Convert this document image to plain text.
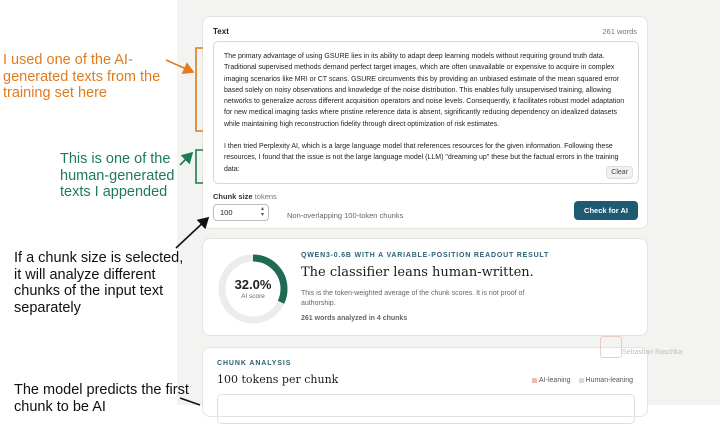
Text	261 words

The primary advantage of using GSURE lies in its ability to adapt deep learning models without requiring ground truth data. Traditional supervised methods demand perfect target images, which are often unavailable or expensive to acquire in complex imaging scenarios like MRI or CT scans. GSURE circumvents this by providing an unbiased estimate of the mean squared error based solely on noisy observations and knowledge of the noise distribution. This enables fully unsupervised training, allowing networks to generalize across different acquisition operators and noise levels. Consequently, it facilitates robust model adaptation for new medical imaging tasks where pristine reference data is absent, significantly reducing dependency on idealized datasets while maintaining high reconstruction fidelity through direct optimization of risk estimates.

I then tried Perplexity AI, which is a large language model that references resources for the given information. Following these resources, I found that the issue is not the large language model (LLM) "dreaming up" these but the factual errors in the training data:	Clear
Chunk size tokens
100	▴
▾	Non-overlapping 100-token chunks
Check for AI
32.0%
AI score
QWEN3-0.6B WITH A VARIABLE-POSITION READOUT RESULT
The classifier leans human-written.
This is the token-weighted average of the chunk scores. It is not proof of authorship.
261 words analyzed in 4 chunks
CHUNK ANALYSIS
100 tokens per chunk	AI-leaning Human-leaning
Sebastian Raschka
I used one of the AI-generated texts from the training set here
This is one of the human-generated texts I appended
If a chunk size is selected, it will analyze different chunks of the input text separately
The model predicts the first chunk to be AI
